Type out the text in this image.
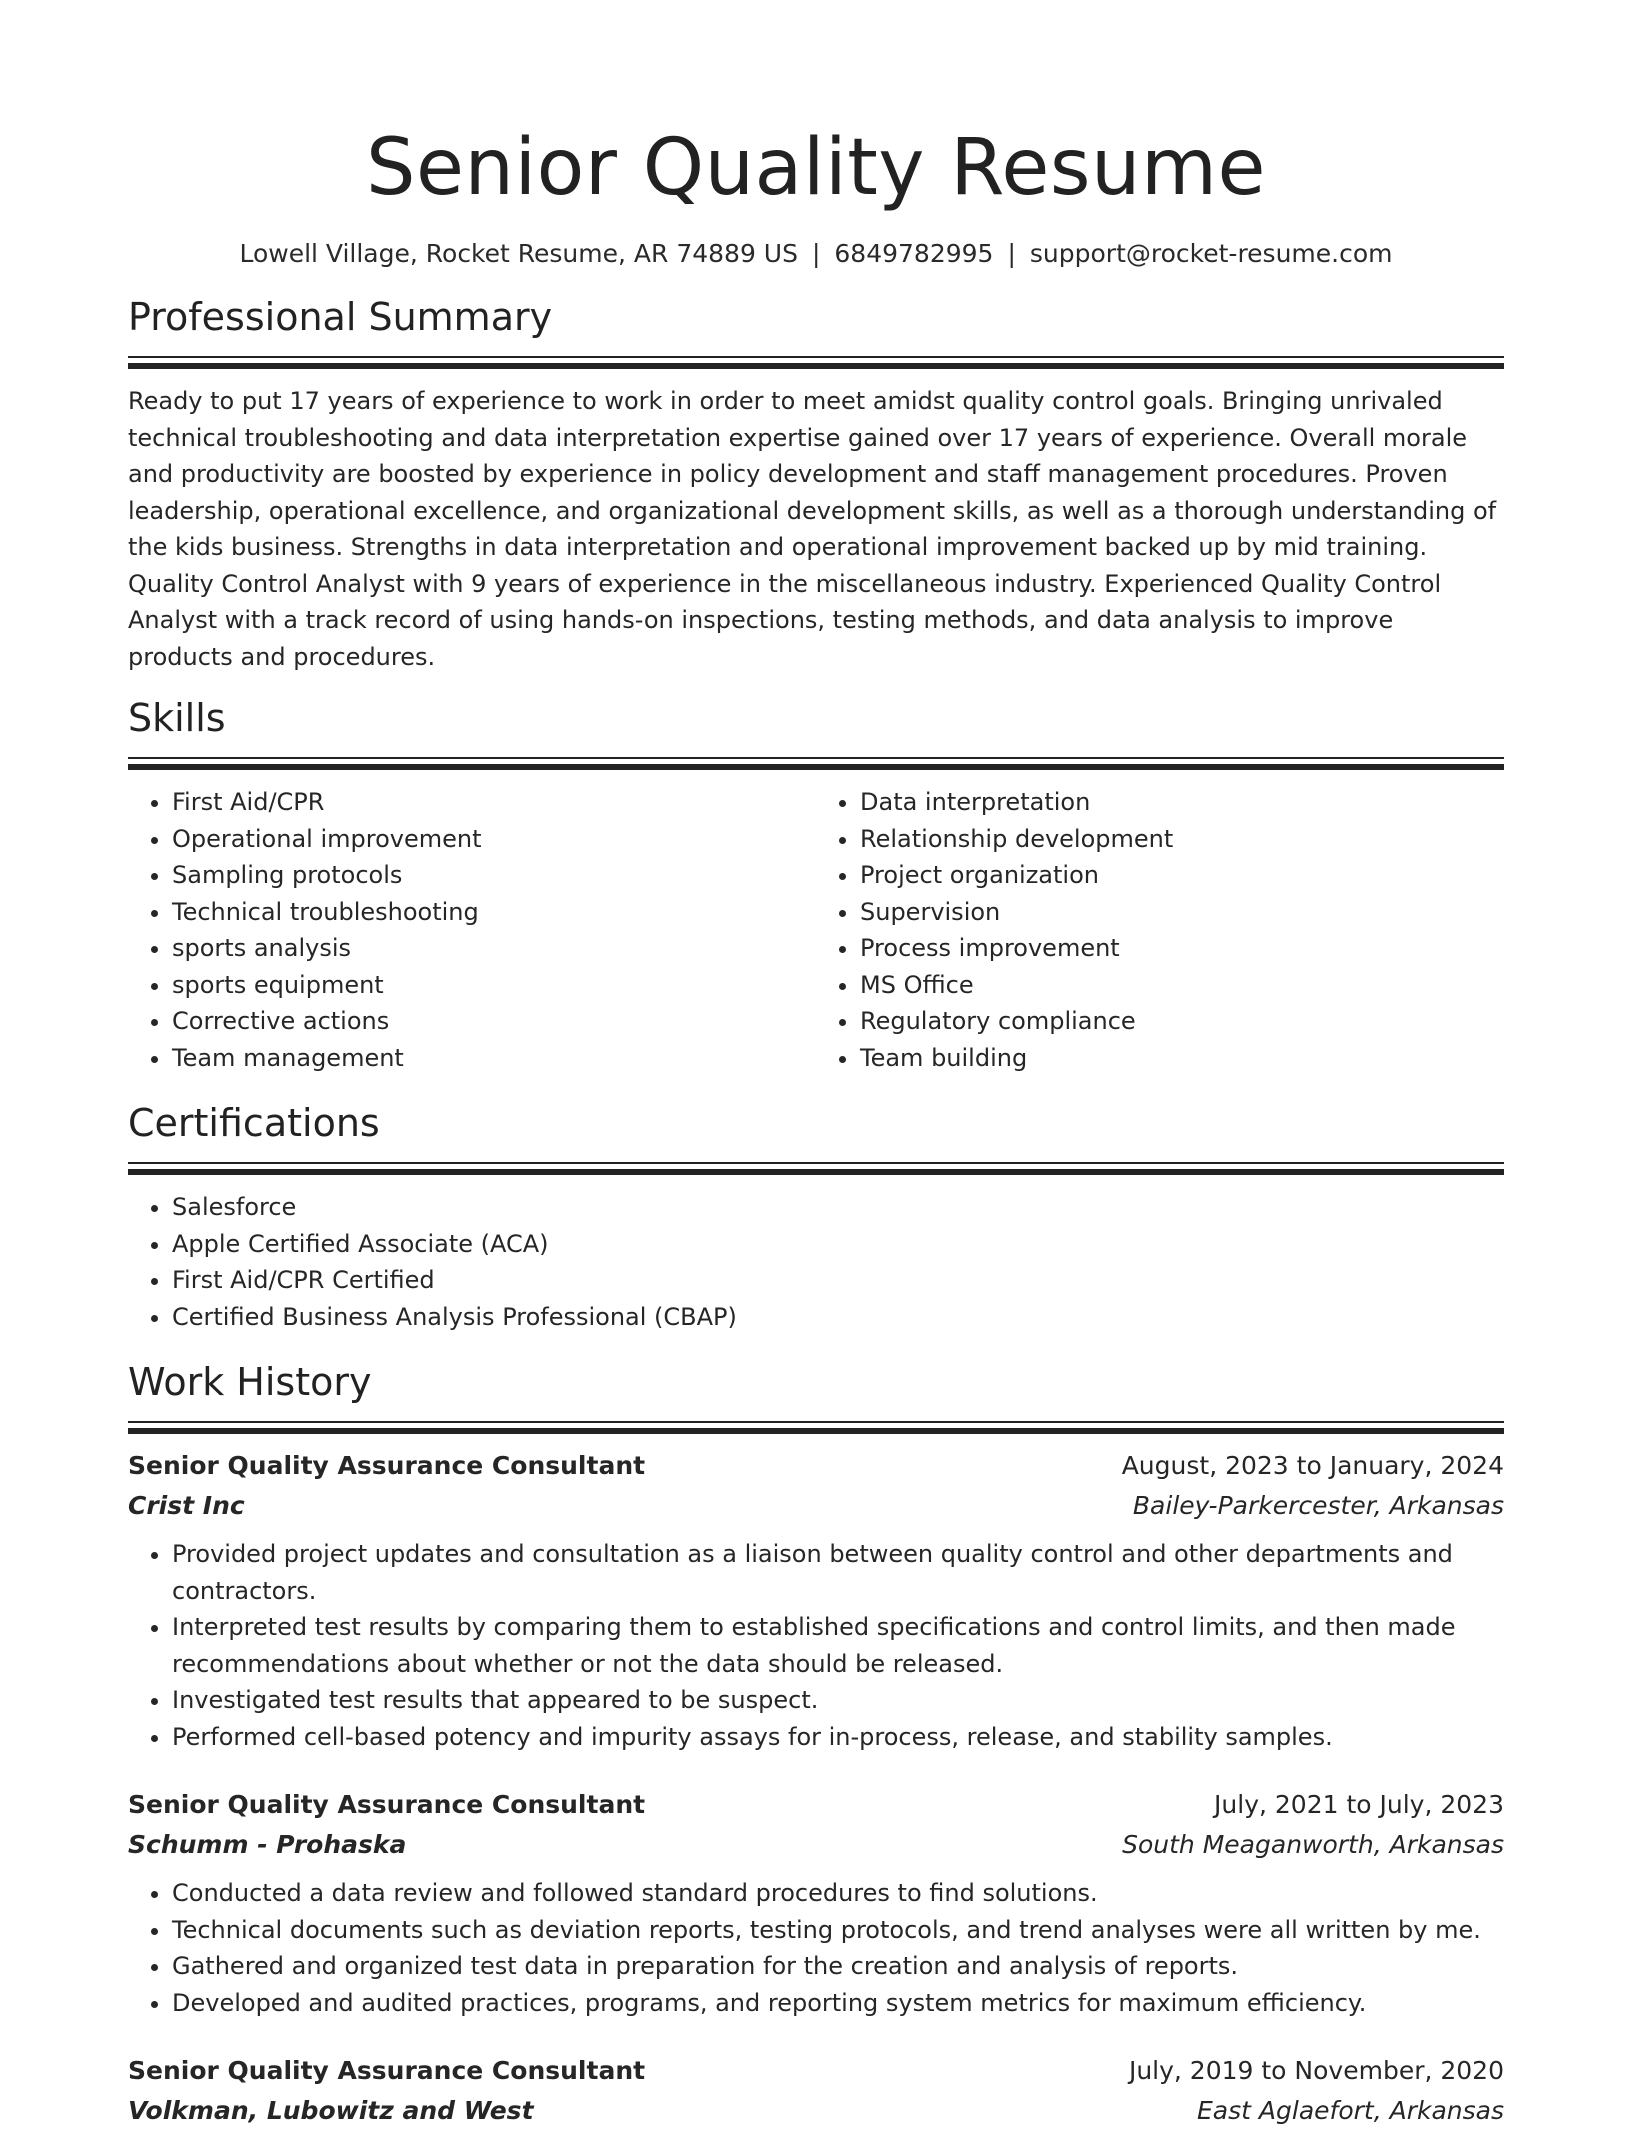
Senior Quality Resume
Lowell Village, Rocket Resume, AR 74889 US | 6849782995 | support@rocket-resume.com
Professional Summary

Ready to put 17 years of experience to work in order to meet amidst quality control goals. Bringing unrivaled technical troubleshooting and data interpretation expertise gained over 17 years of experience. Overall morale and productivity are boosted by experience in policy development and staff management procedures. Proven leadership, operational excellence, and organizational development skills, as well as a thorough understanding of the kids business. Strengths in data interpretation and operational improvement backed up by mid training. Quality Control Analyst with 9 years of experience in the miscellaneous industry. Experienced Quality Control Analyst with a track record of using hands-on inspections, testing methods, and data analysis to improve products and procedures.

Skills
• First Aid/CPR
• Operational improvement
• Sampling protocols
• Technical troubleshooting
• sports analysis
• sports equipment
• Corrective actions
• Team management
• Data interpretation
• Relationship development
• Project organization
• Supervision
• Process improvement
• MS Office
• Regulatory compliance
• Team building
Certifications
• Salesforce
• Apple Certified Associate (ACA)
• First Aid/CPR Certified
• Certified Business Analysis Professional (CBAP)
Work History
Senior Quality Assurance Consultant	August, 2023 to January, 2024
Crist Inc	Bailey-Parkercester, Arkansas
• Provided project updates and consultation as a liaison between quality control and other departments and contractors.
• Interpreted test results by comparing them to established specifications and control limits, and then made recommendations about whether or not the data should be released.
• Investigated test results that appeared to be suspect.
• Performed cell-based potency and impurity assays for in-process, release, and stability samples.
Senior Quality Assurance Consultant	July, 2021 to July, 2023
Schumm - Prohaska	South Meaganworth, Arkansas
• Conducted a data review and followed standard procedures to find solutions.
• Technical documents such as deviation reports, testing protocols, and trend analyses were all written by me.
• Gathered and organized test data in preparation for the creation and analysis of reports.
• Developed and audited practices, programs, and reporting system metrics for maximum efficiency.
Senior Quality Assurance Consultant	July, 2019 to November, 2020
Volkman, Lubowitz and West	East Aglaefort, Arkansas
